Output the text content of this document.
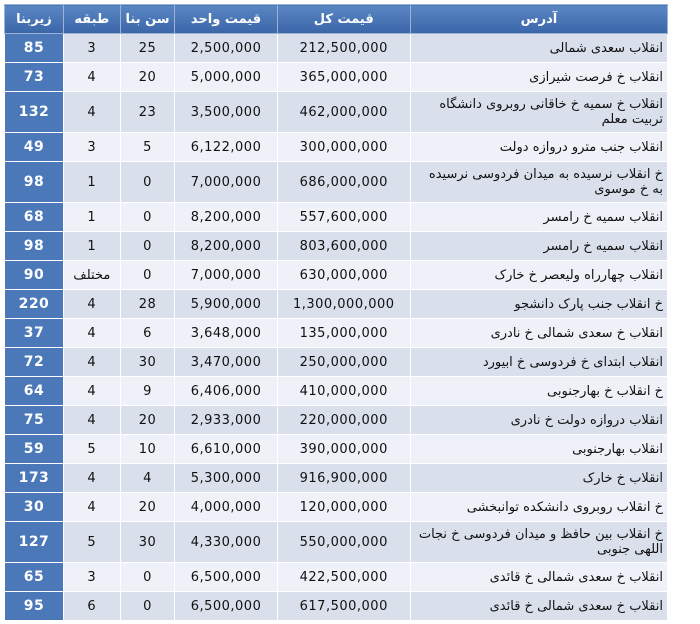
آدرس	قیمت کل	قیمت واحد	سن بنا	طبقه	زیربنا
انقلاب سعدی شمالی	212,500,000	2,500,000	25	3	85
انقلاب خ فرصت شیرازی	365,000,000	5,000,000	20	4	73
انقلاب خ سمیه خ خاقانی روبروی دانشگاه تربیت معلم	462,000,000	3,500,000	23	4	132
انقلاب جنب مترو دروازه دولت	300,000,000	6,122,000	5	3	49
خ انقلاب نرسیده به میدان فردوسی نرسیده به خ موسوی	686,000,000	7,000,000	0	1	98
انقلاب سمیه خ رامسر	557,600,000	8,200,000	0	1	68
انقلاب سمیه خ رامسر	803,600,000	8,200,000	0	1	98
انقلاب چهارراه ولیعصر خ خارک	630,000,000	7,000,000	0	مختلف	90
خ انقلاب جنب پارک دانشجو	1,300,000,000	5,900,000	28	4	220
انقلاب خ سعدی شمالی خ نادری	135,000,000	3,648,000	6	4	37
انقلاب ابتدای خ فردوسی خ ابیورد	250,000,000	3,470,000	30	4	72
خ انقلاب خ بهارجنوبی	410,000,000	6,406,000	9	4	64
انقلاب دروازه دولت خ نادری	220,000,000	2,933,000	20	4	75
انقلاب بهارجنوبی	390,000,000	6,610,000	10	5	59
انقلاب خ خارک	916,900,000	5,300,000	4	4	173
خ انقلاب روبروی دانشکده توانبخشی	120,000,000	4,000,000	20	4	30
خ انقلاب بین حافظ و میدان فردوسی خ نجات اللهی جنوبی	550,000,000	4,330,000	30	5	127
انقلاب خ سعدی شمالی خ قائدی	422,500,000	6,500,000	0	3	65
انقلاب خ سعدی شمالی خ قائدی	617,500,000	6,500,000	0	6	95
